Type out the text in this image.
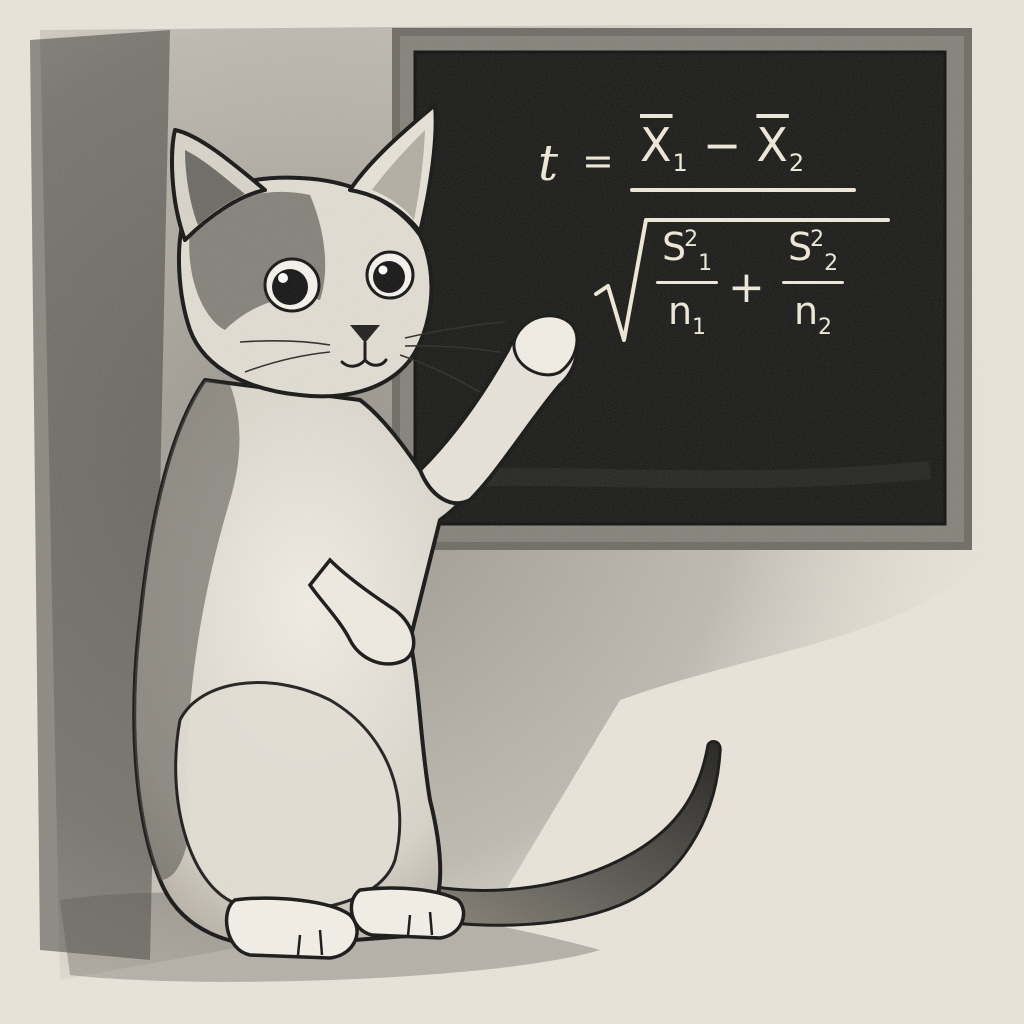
$t = \overline{X}_1 - \overline{X}_2$
$S^2_1$
$n_1$
+
$S^2_2$
$n_2$
